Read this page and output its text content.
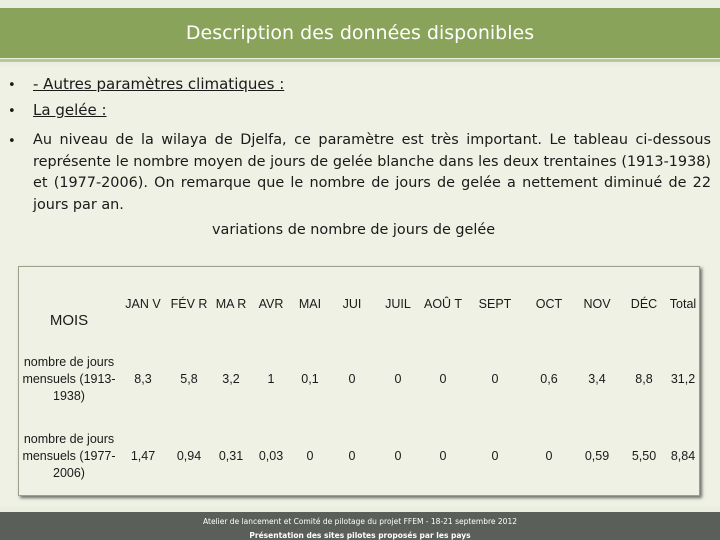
Description des données disponibles
• - Autres paramètres climatiques :
• La gelée :
• Au niveau de la wilaya de Djelfa, ce paramètre est très important. Le tableau ci-dessous représente le nombre moyen de jours de gelée blanche dans les deux trentaines (1913-1938) et (1977-2006). On remarque que le nombre de jours de gelée a nettement diminué de 22 jours par an.
variations de nombre de jours de gelée
MOIS	JAN V	FÉV R	MA R	AVR	MAI	JUI	JUIL	AOÛ T	SEPT	OCT	NOV	DÉC	Total
nombre de jours mensuels (1913-1938)	8,3	5,8	3,2	1	0,1	0	0	0	0	0,6	3,4	8,8	31,2
nombre de jours mensuels (1977-2006)	1,47	0,94	0,31	0,03	0	0	0	0	0	0	0,59	5,50	8,84
Atelier de lancement et Comité de pilotage du projet FFEM - 18-21 septembre 2012
Présentation des sites pilotes proposés par les pays
